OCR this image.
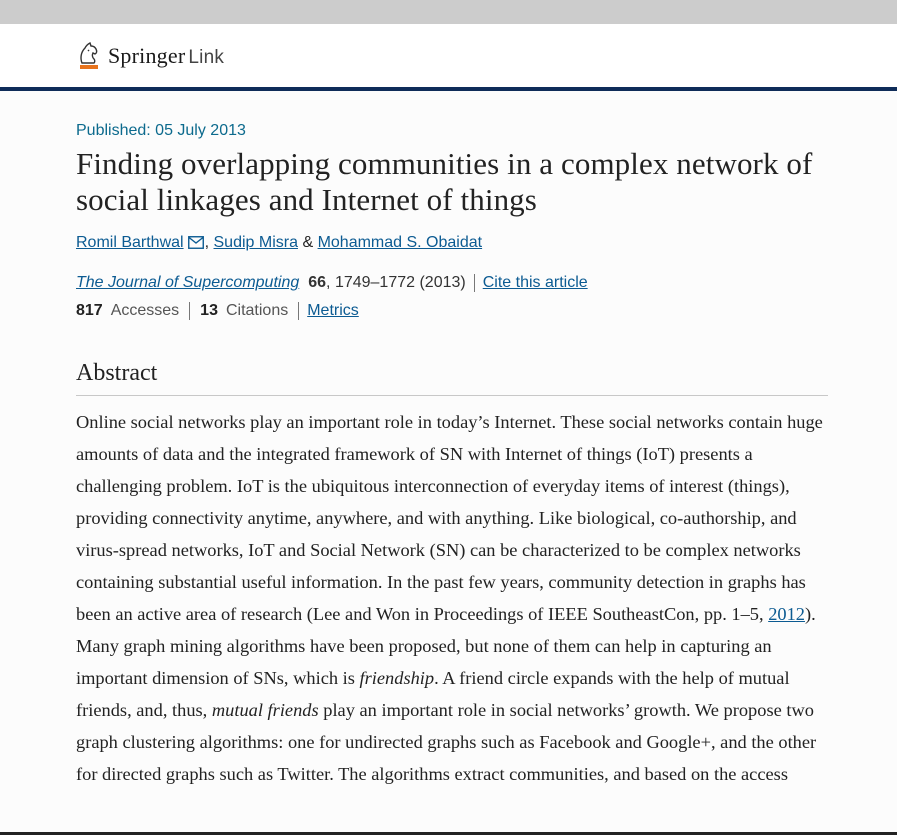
Springer Link
Published: 05 July 2013
Finding overlapping communities in a complex network of social linkages and Internet of things
Romil Barthwal , Sudip Misra & Mohammad S. Obaidat
The Journal of Supercomputing 66 , 1749–1772 (2013) Cite this article
817 Accesses 13 Citations Metrics
Abstract

Online social networks play an important role in today’s Internet. These social networks contain huge amounts of data and the integrated framework of SN with Internet of things (IoT) presents a challenging problem. IoT is the ubiquitous interconnection of everyday items of interest (things), providing connectivity anytime, anywhere, and with anything. Like biological, co-authorship, and virus-spread networks, IoT and Social Network (SN) can be characterized to be complex networks containing substantial useful information. In the past few years, community detection in graphs has been an active area of research (Lee and Won in Proceedings of IEEE SoutheastCon, pp. 1–5, 2012). Many graph mining algorithms have been proposed, but none of them can help in capturing an important dimension of SNs, which is friendship. A friend circle expands with the help of mutual friends, and, thus, mutual friends play an important role in social networks’ growth. We propose two graph clustering algorithms: one for undirected graphs such as Facebook and Google+, and the other for directed graphs such as Twitter. The algorithms extract communities, and based on the access
